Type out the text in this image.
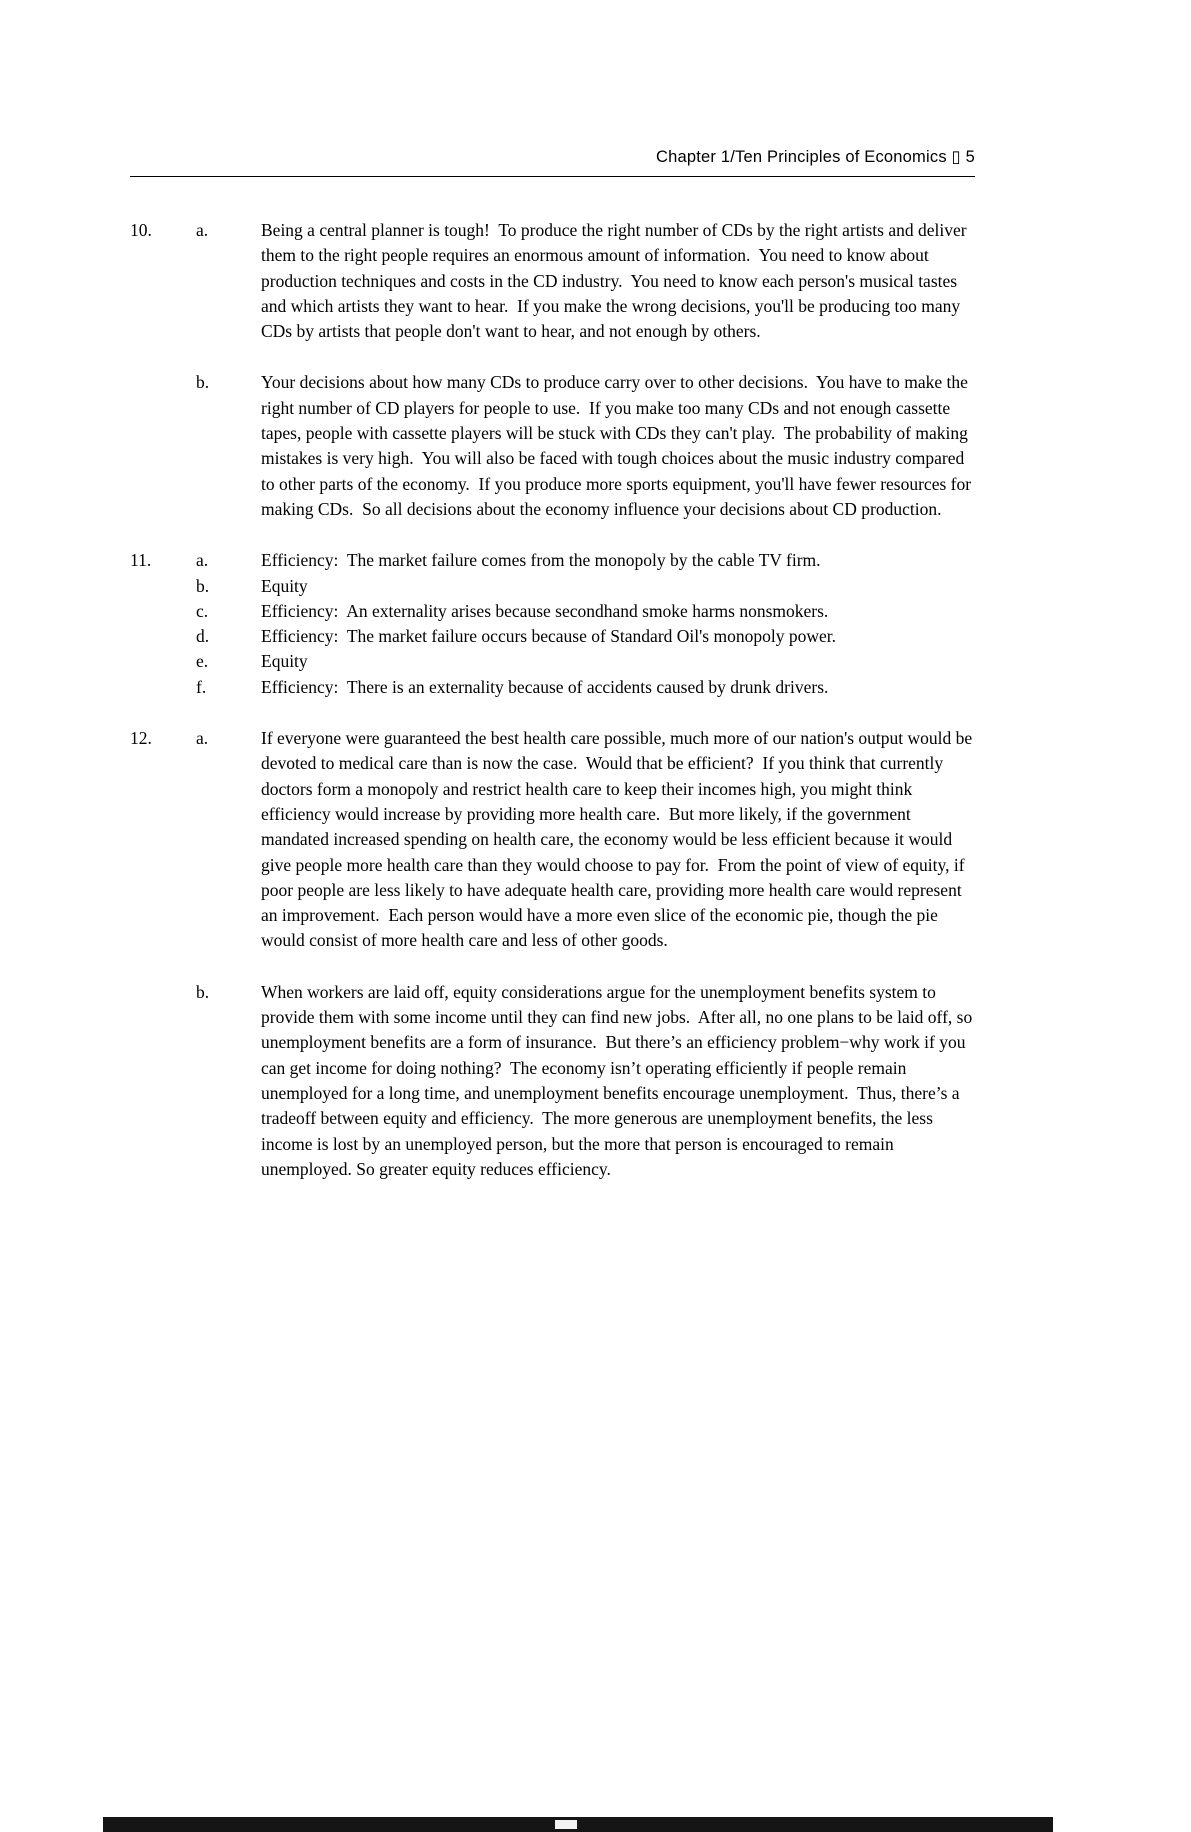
Chapter 1/Ten Principles of Economics ▯ 5
10.	a.	Being a central planner is tough!  To produce the right number of CDs by the right artists and deliver them to the right people requires an enormous amount of information.  You need to know about production techniques and costs in the CD industry.  You need to know each person's musical tastes and which artists they want to hear.  If you make the wrong decisions, you'll be producing too many CDs by artists that people don't want to hear, and not enough by others.
b.	Your decisions about how many CDs to produce carry over to other decisions.  You have to make the right number of CD players for people to use.  If you make too many CDs and not enough cassette tapes, people with cassette players will be stuck with CDs they can't play.  The probability of making mistakes is very high.  You will also be faced with tough choices about the music industry compared to other parts of the economy.  If you produce more sports equipment, you'll have fewer resources for making CDs.  So all decisions about the economy influence your decisions about CD production.
11.	a.	Efficiency:  The market failure comes from the monopoly by the cable TV firm.
b.	Equity
c.	Efficiency:  An externality arises because secondhand smoke harms nonsmokers.
d.	Efficiency:  The market failure occurs because of Standard Oil's monopoly power.
e.	Equity
f.	Efficiency:  There is an externality because of accidents caused by drunk drivers.
12.	a.	If everyone were guaranteed the best health care possible, much more of our nation's output would be devoted to medical care than is now the case.  Would that be efficient?  If you think that currently doctors form a monopoly and restrict health care to keep their incomes high, you might think efficiency would increase by providing more health care.  But more likely, if the government mandated increased spending on health care, the economy would be less efficient because it would give people more health care than they would choose to pay for.  From the point of view of equity, if poor people are less likely to have adequate health care, providing more health care would represent an improvement.  Each person would have a more even slice of the economic pie, though the pie would consist of more health care and less of other goods.
b.	When workers are laid off, equity considerations argue for the unemployment benefits system to provide them with some income until they can find new jobs.  After all, no one plans to be laid off, so unemployment benefits are a form of insurance.  But there’s an efficiency problem−why work if you can get income for doing nothing?  The economy isn’t operating efficiently if people remain unemployed for a long time, and unemployment benefits encourage unemployment.  Thus, there’s a tradeoff between equity and efficiency.  The more generous are unemployment benefits, the less income is lost by an unemployed person, but the more that person is encouraged to remain unemployed. So greater equity reduces efficiency.
